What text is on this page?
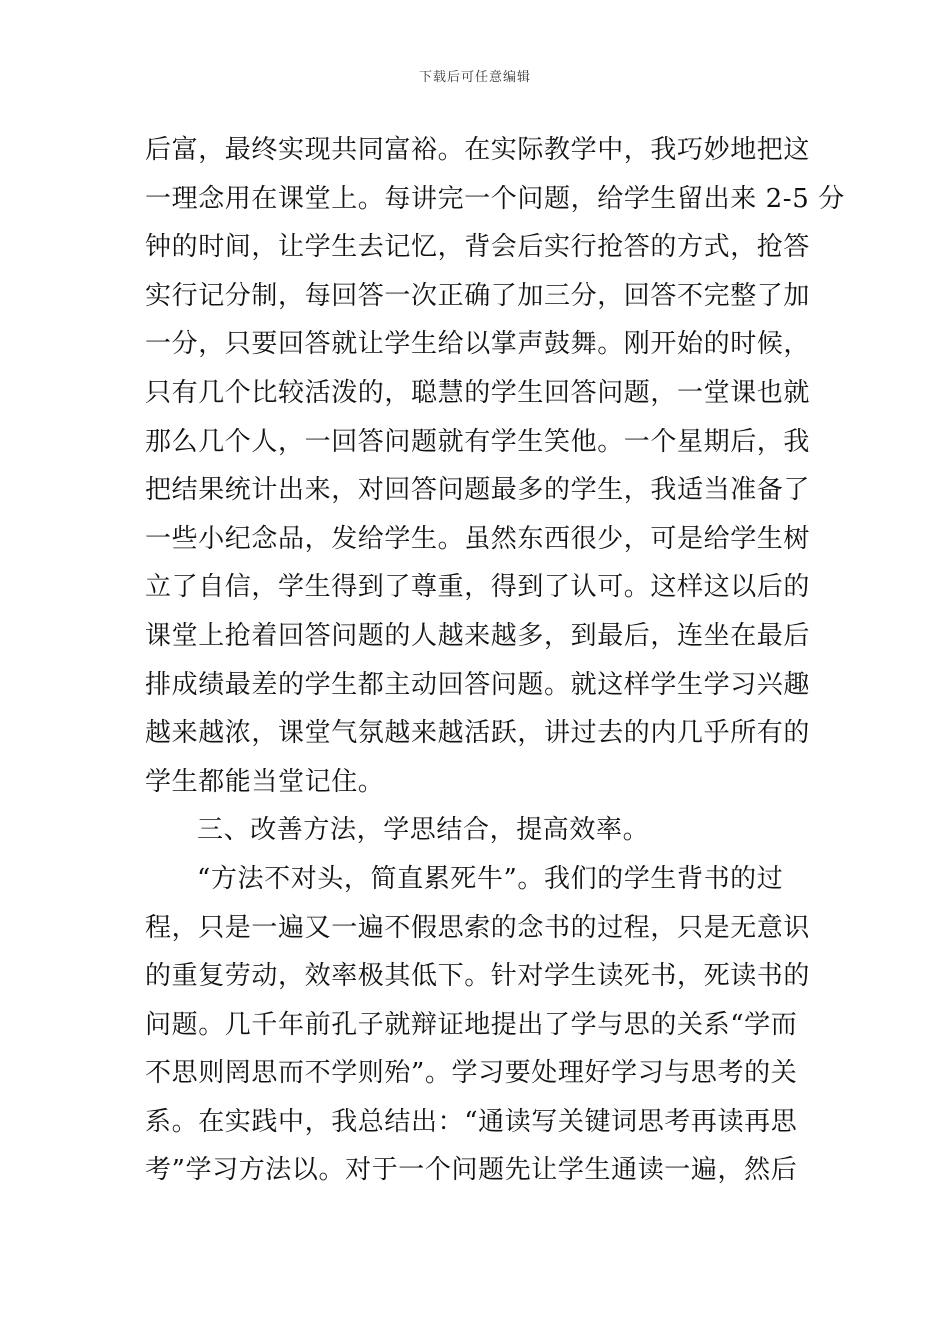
下载后可任意编辑
后富，最终实现共同富裕。在实际教学中，我巧妙地把这
一理念用在课堂上。每讲完一个问题，给学生留出来 2-5 分
钟的时间，让学生去记忆，背会后实行抢答的方式，抢答
实行记分制，每回答一次正确了加三分，回答不完整了加
一分，只要回答就让学生给以掌声鼓舞。刚开始的时候，
只有几个比较活泼的，聪慧的学生回答问题，一堂课也就
那么几个人，一回答问题就有学生笑他。一个星期后，我
把结果统计出来，对回答问题最多的学生，我适当准备了
一些小纪念品，发给学生。虽然东西很少，可是给学生树
立了自信，学生得到了尊重，得到了认可。这样这以后的
课堂上抢着回答问题的人越来越多，到最后，连坐在最后
排成绩最差的学生都主动回答问题。就这样学生学习兴趣
越来越浓，课堂气氛越来越活跃，讲过去的内几乎所有的
学生都能当堂记住。
三、改善方法，学思结合，提高效率。
“方法不对头，简直累死牛”。我们的学生背书的过
程，只是一遍又一遍不假思索的念书的过程，只是无意识
的重复劳动，效率极其低下。针对学生读死书，死读书的
问题。几千年前孔子就辩证地提出了学与思的关系“学而
不思则罔思而不学则殆”。学习要处理好学习与思考的关
系。在实践中，我总结出：“通读写关键词思考再读再思
考”学习方法以。对于一个问题先让学生通读一遍，然后
